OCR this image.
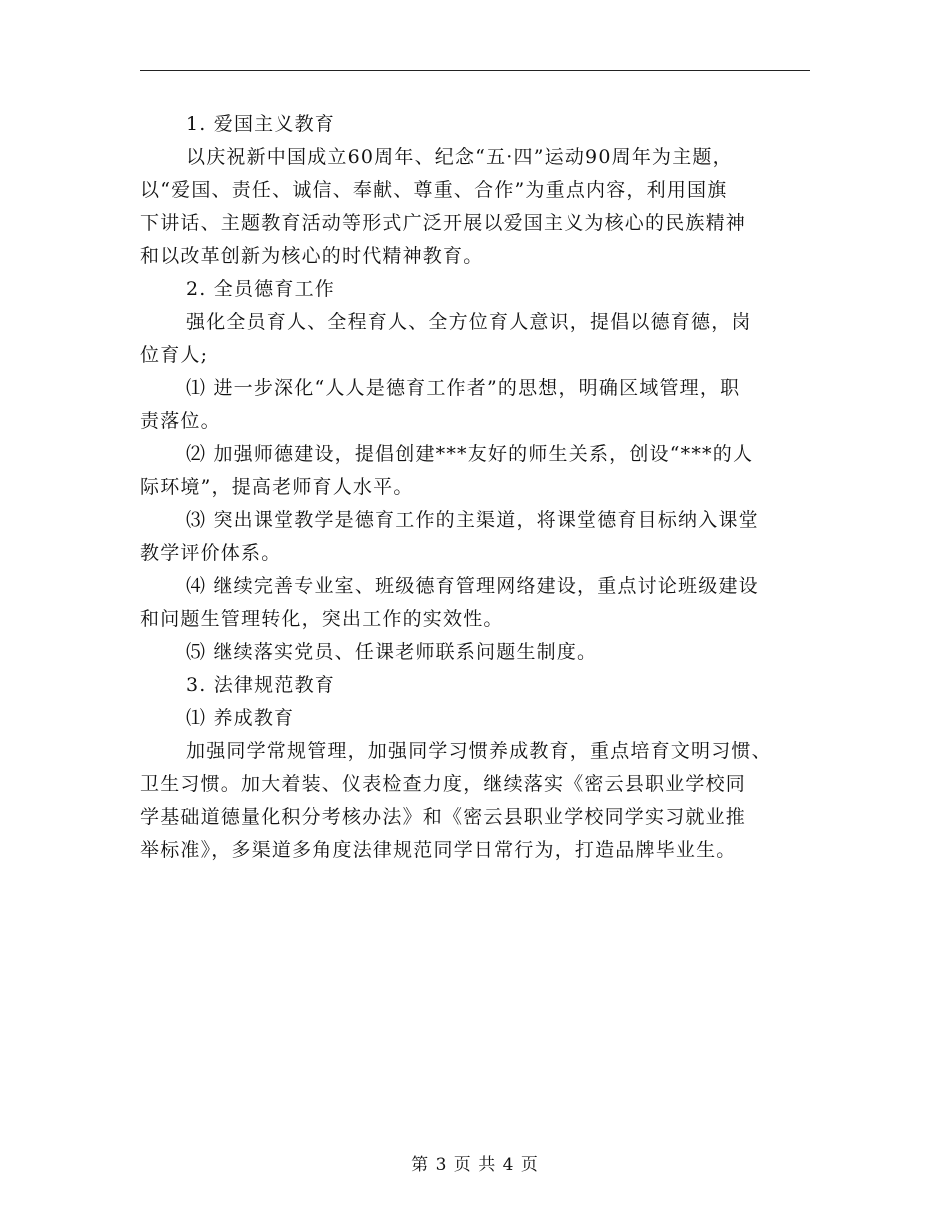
1. 爱国主义教育
以庆祝新中国成立60周年、纪念“五·四”运动90周年为主题，
以“爱国、责任、诚信、奉献、尊重、合作”为重点内容，利用国旗
下讲话、主题教育活动等形式广泛开展以爱国主义为核心的民族精神
和以改革创新为核心的时代精神教育。
2. 全员德育工作
强化全员育人、全程育人、全方位育人意识，提倡以德育德，岗
位育人;
⑴ 进一步深化“人人是德育工作者”的思想，明确区域管理，职
责落位。
⑵ 加强师德建设，提倡创建***友好的师生关系，创设“***的人
际环境”，提高老师育人水平。
⑶ 突出课堂教学是德育工作的主渠道，将课堂德育目标纳入课堂
教学评价体系。
⑷ 继续完善专业室、班级德育管理网络建设，重点讨论班级建设
和问题生管理转化，突出工作的实效性。
⑸ 继续落实党员、任课老师联系问题生制度。
3. 法律规范教育
⑴ 养成教育
加强同学常规管理，加强同学习惯养成教育，重点培育文明习惯、
卫生习惯。加大着装、仪表检查力度，继续落实《密云县职业学校同
学基础道德量化积分考核办法》和《密云县职业学校同学实习就业推
举标准》，多渠道多角度法律规范同学日常行为，打造品牌毕业生。
第 3 页 共 4 页
